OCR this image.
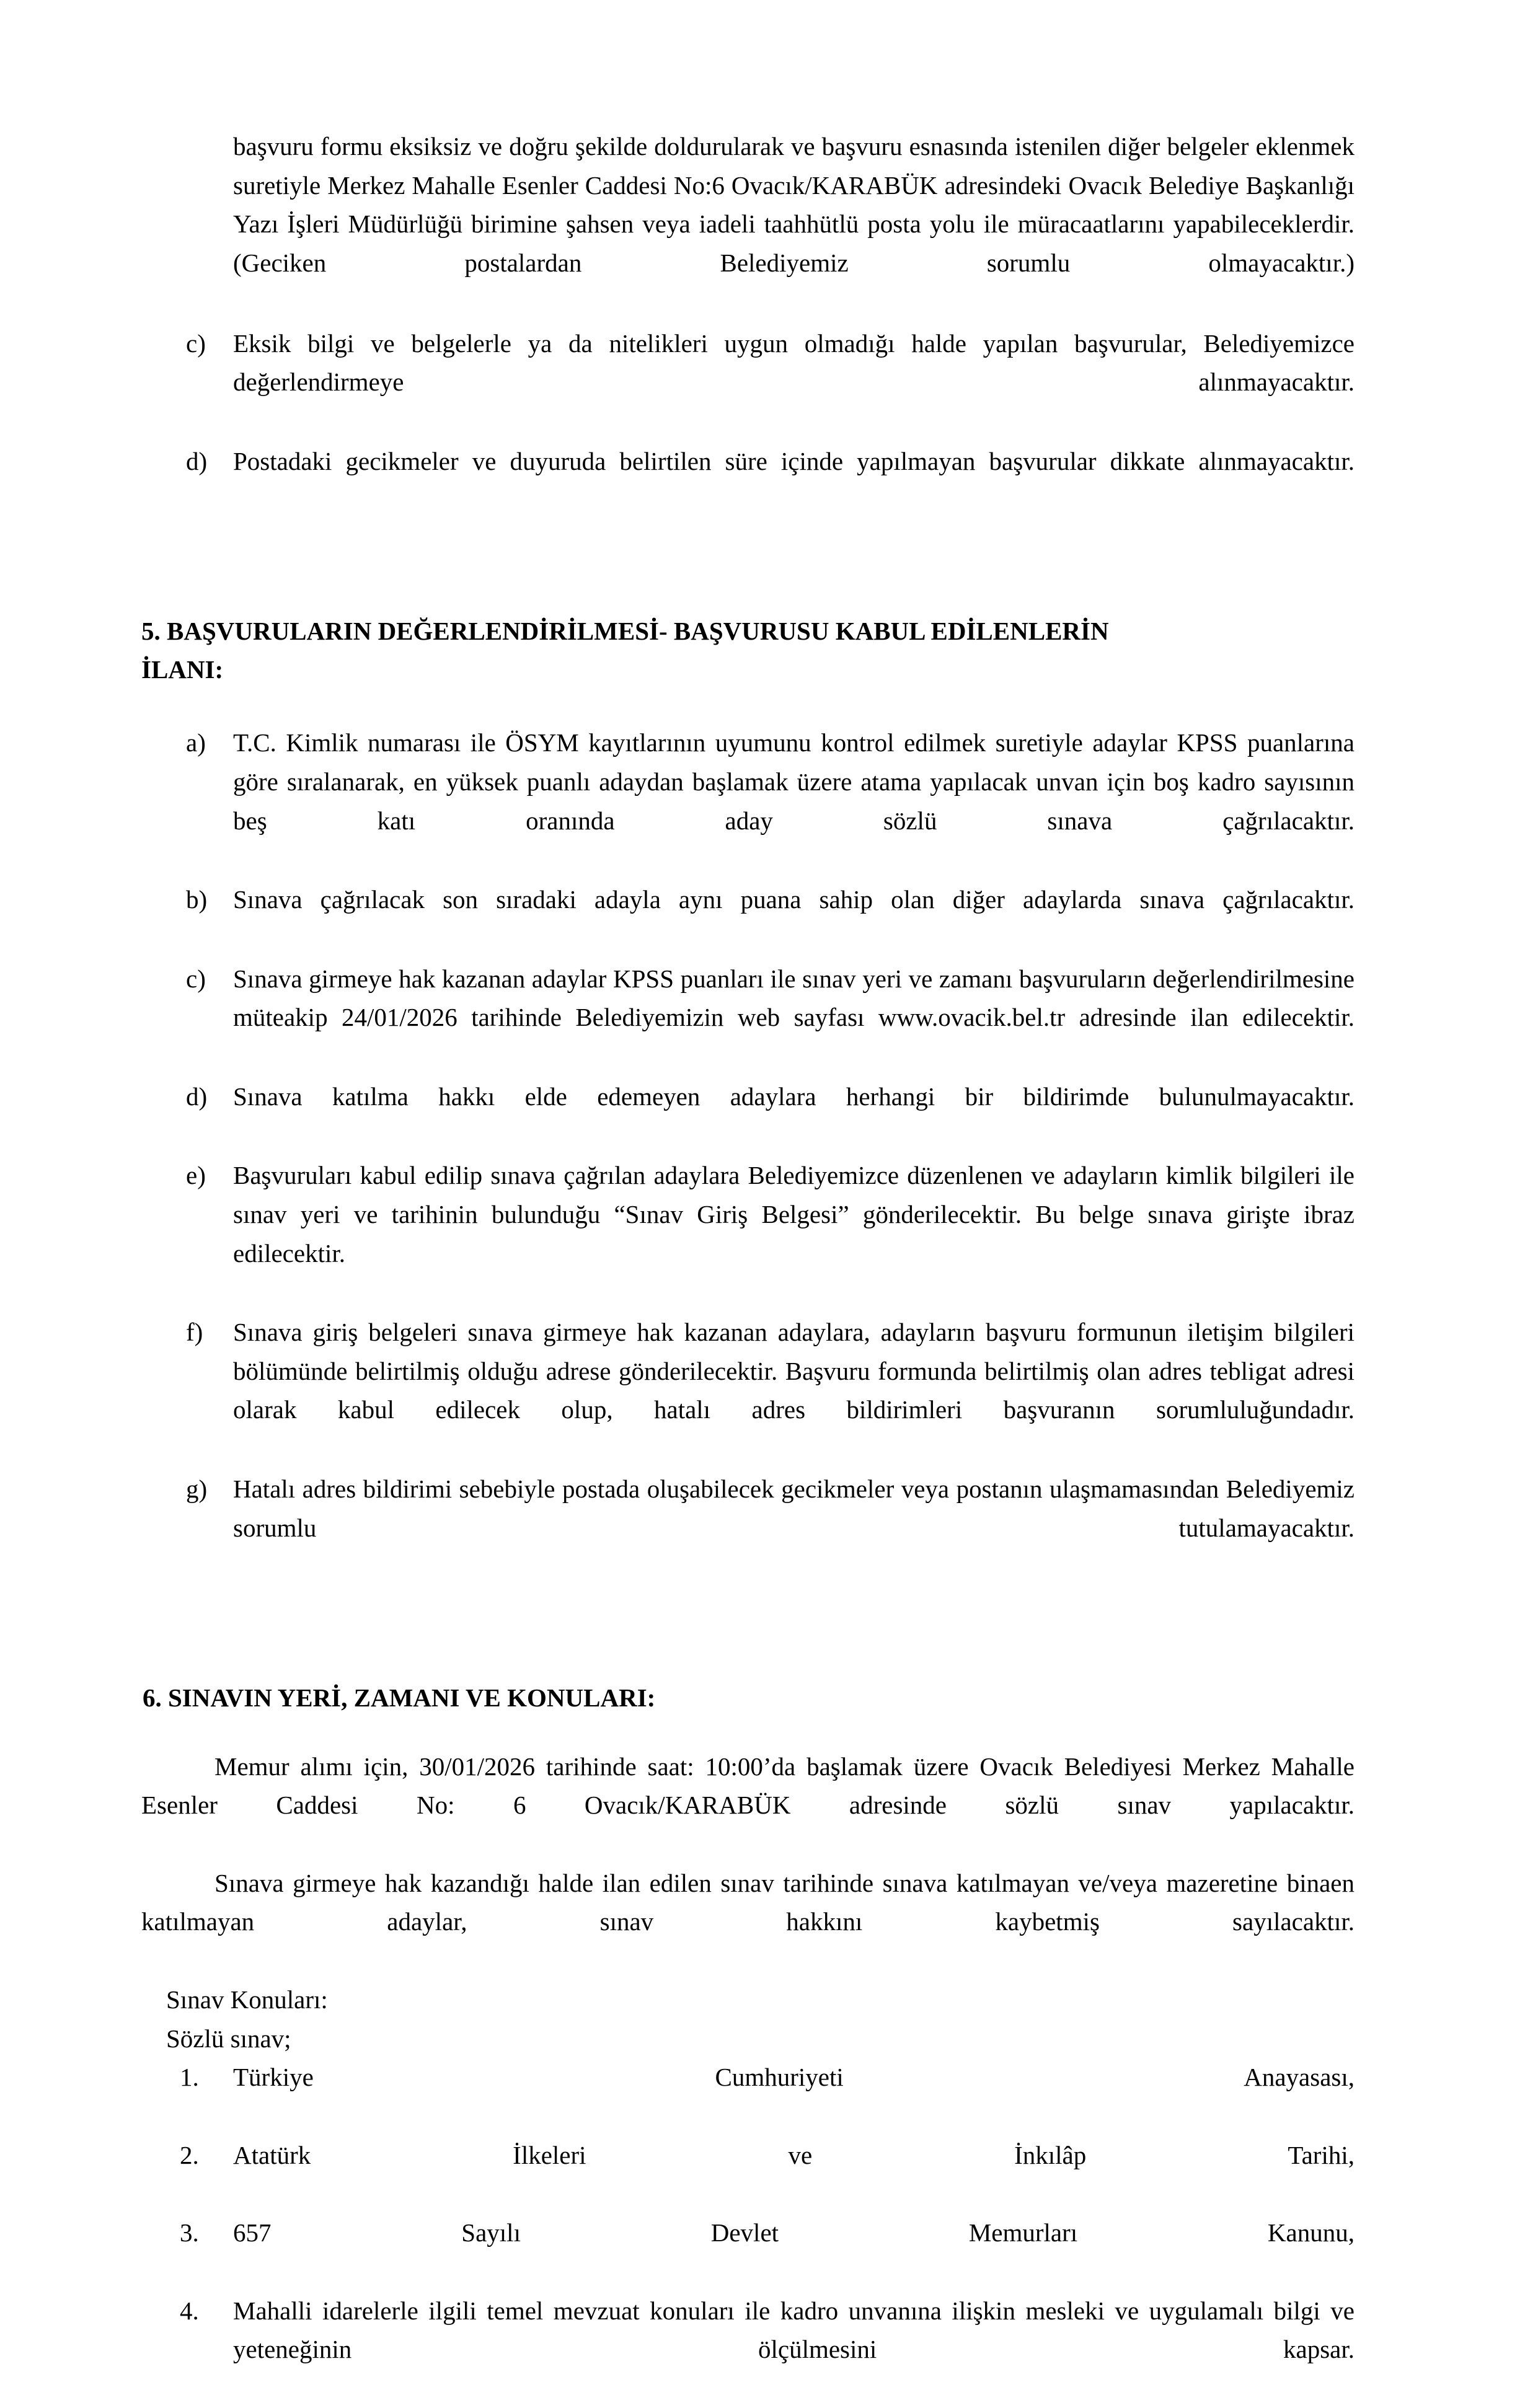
başvuru formu eksiksiz ve doğru şekilde doldurularak ve başvuru esnasında istenilen diğer belgeler eklenmek suretiyle Merkez Mahalle Esenler Caddesi No:6 Ovacık/KARABÜK adresindeki Ovacık Belediye Başkanlığı Yazı İşleri Müdürlüğü birimine şahsen veya iadeli taahhütlü posta yolu ile müracaatlarını yapabileceklerdir. (Geciken postalardan Belediyemiz sorumlu olmayacaktır.)

c)	Eksik bilgi ve belgelerle ya da nitelikleri uygun olmadığı halde yapılan başvurular, Belediyemizce değerlendirmeye alınmayacaktır.
d)	Postadaki gecikmeler ve duyuruda belirtilen süre içinde yapılmayan başvurular dikkate alınmayacaktır.
5. BAŞVURULARIN DEĞERLENDİRİLMESİ- BAŞVURUSU KABUL EDİLENLERİN
İLANI:
a)	T.C. Kimlik numarası ile ÖSYM kayıtlarının uyumunu kontrol edilmek suretiyle adaylar KPSS puanlarına göre sıralanarak, en yüksek puanlı adaydan başlamak üzere atama yapılacak unvan için boş kadro sayısının beş katı oranında aday sözlü sınava çağrılacaktır.
b)	Sınava çağrılacak son sıradaki adayla aynı puana sahip olan diğer adaylarda sınava çağrılacaktır.
c)	Sınava girmeye hak kazanan adaylar KPSS puanları ile sınav yeri ve zamanı başvuruların değerlendirilmesine müteakip 24/01/2026 tarihinde Belediyemizin web sayfası www.ovacik.bel.tr adresinde ilan edilecektir.
d)	Sınava katılma hakkı elde edemeyen adaylara herhangi bir bildirimde bulunulmayacaktır.
e)	Başvuruları kabul edilip sınava çağrılan adaylara Belediyemizce düzenlenen ve adayların kimlik bilgileri ile sınav yeri ve tarihinin bulunduğu “Sınav Giriş Belgesi” gönderilecektir. Bu belge sınava girişte ibraz edilecektir.
f)	Sınava giriş belgeleri sınava girmeye hak kazanan adaylara, adayların başvuru formunun iletişim bilgileri bölümünde belirtilmiş olduğu adrese gönderilecektir. Başvuru formunda belirtilmiş olan adres tebligat adresi olarak kabul edilecek olup, hatalı adres bildirimleri başvuranın sorumluluğundadır.
g)	Hatalı adres bildirimi sebebiyle postada oluşabilecek gecikmeler veya postanın ulaşmamasından Belediyemiz sorumlu tutulamayacaktır.
6. SINAVIN YERİ, ZAMANI VE KONULARI:

Memur alımı için, 30/01/2026 tarihinde saat: 10:00’da başlamak üzere Ovacık Belediyesi Merkez Mahalle Esenler Caddesi No: 6 Ovacık/KARABÜK adresinde sözlü sınav yapılacaktır.

Sınava girmeye hak kazandığı halde ilan edilen sınav tarihinde sınava katılmayan ve/veya mazeretine binaen katılmayan adaylar, sınav hakkını kaybetmiş sayılacaktır.

Sınav Konuları:

Sözlü sınav;

1.	Türkiye Cumhuriyeti Anayasası,
2.	Atatürk İlkeleri ve İnkılâp Tarihi,
3.	657 Sayılı Devlet Memurları Kanunu,
4.	Mahalli idarelerle ilgili temel mevzuat konuları ile kadro unvanına ilişkin mesleki ve uygulamalı bilgi ve yeteneğinin ölçülmesini kapsar.
